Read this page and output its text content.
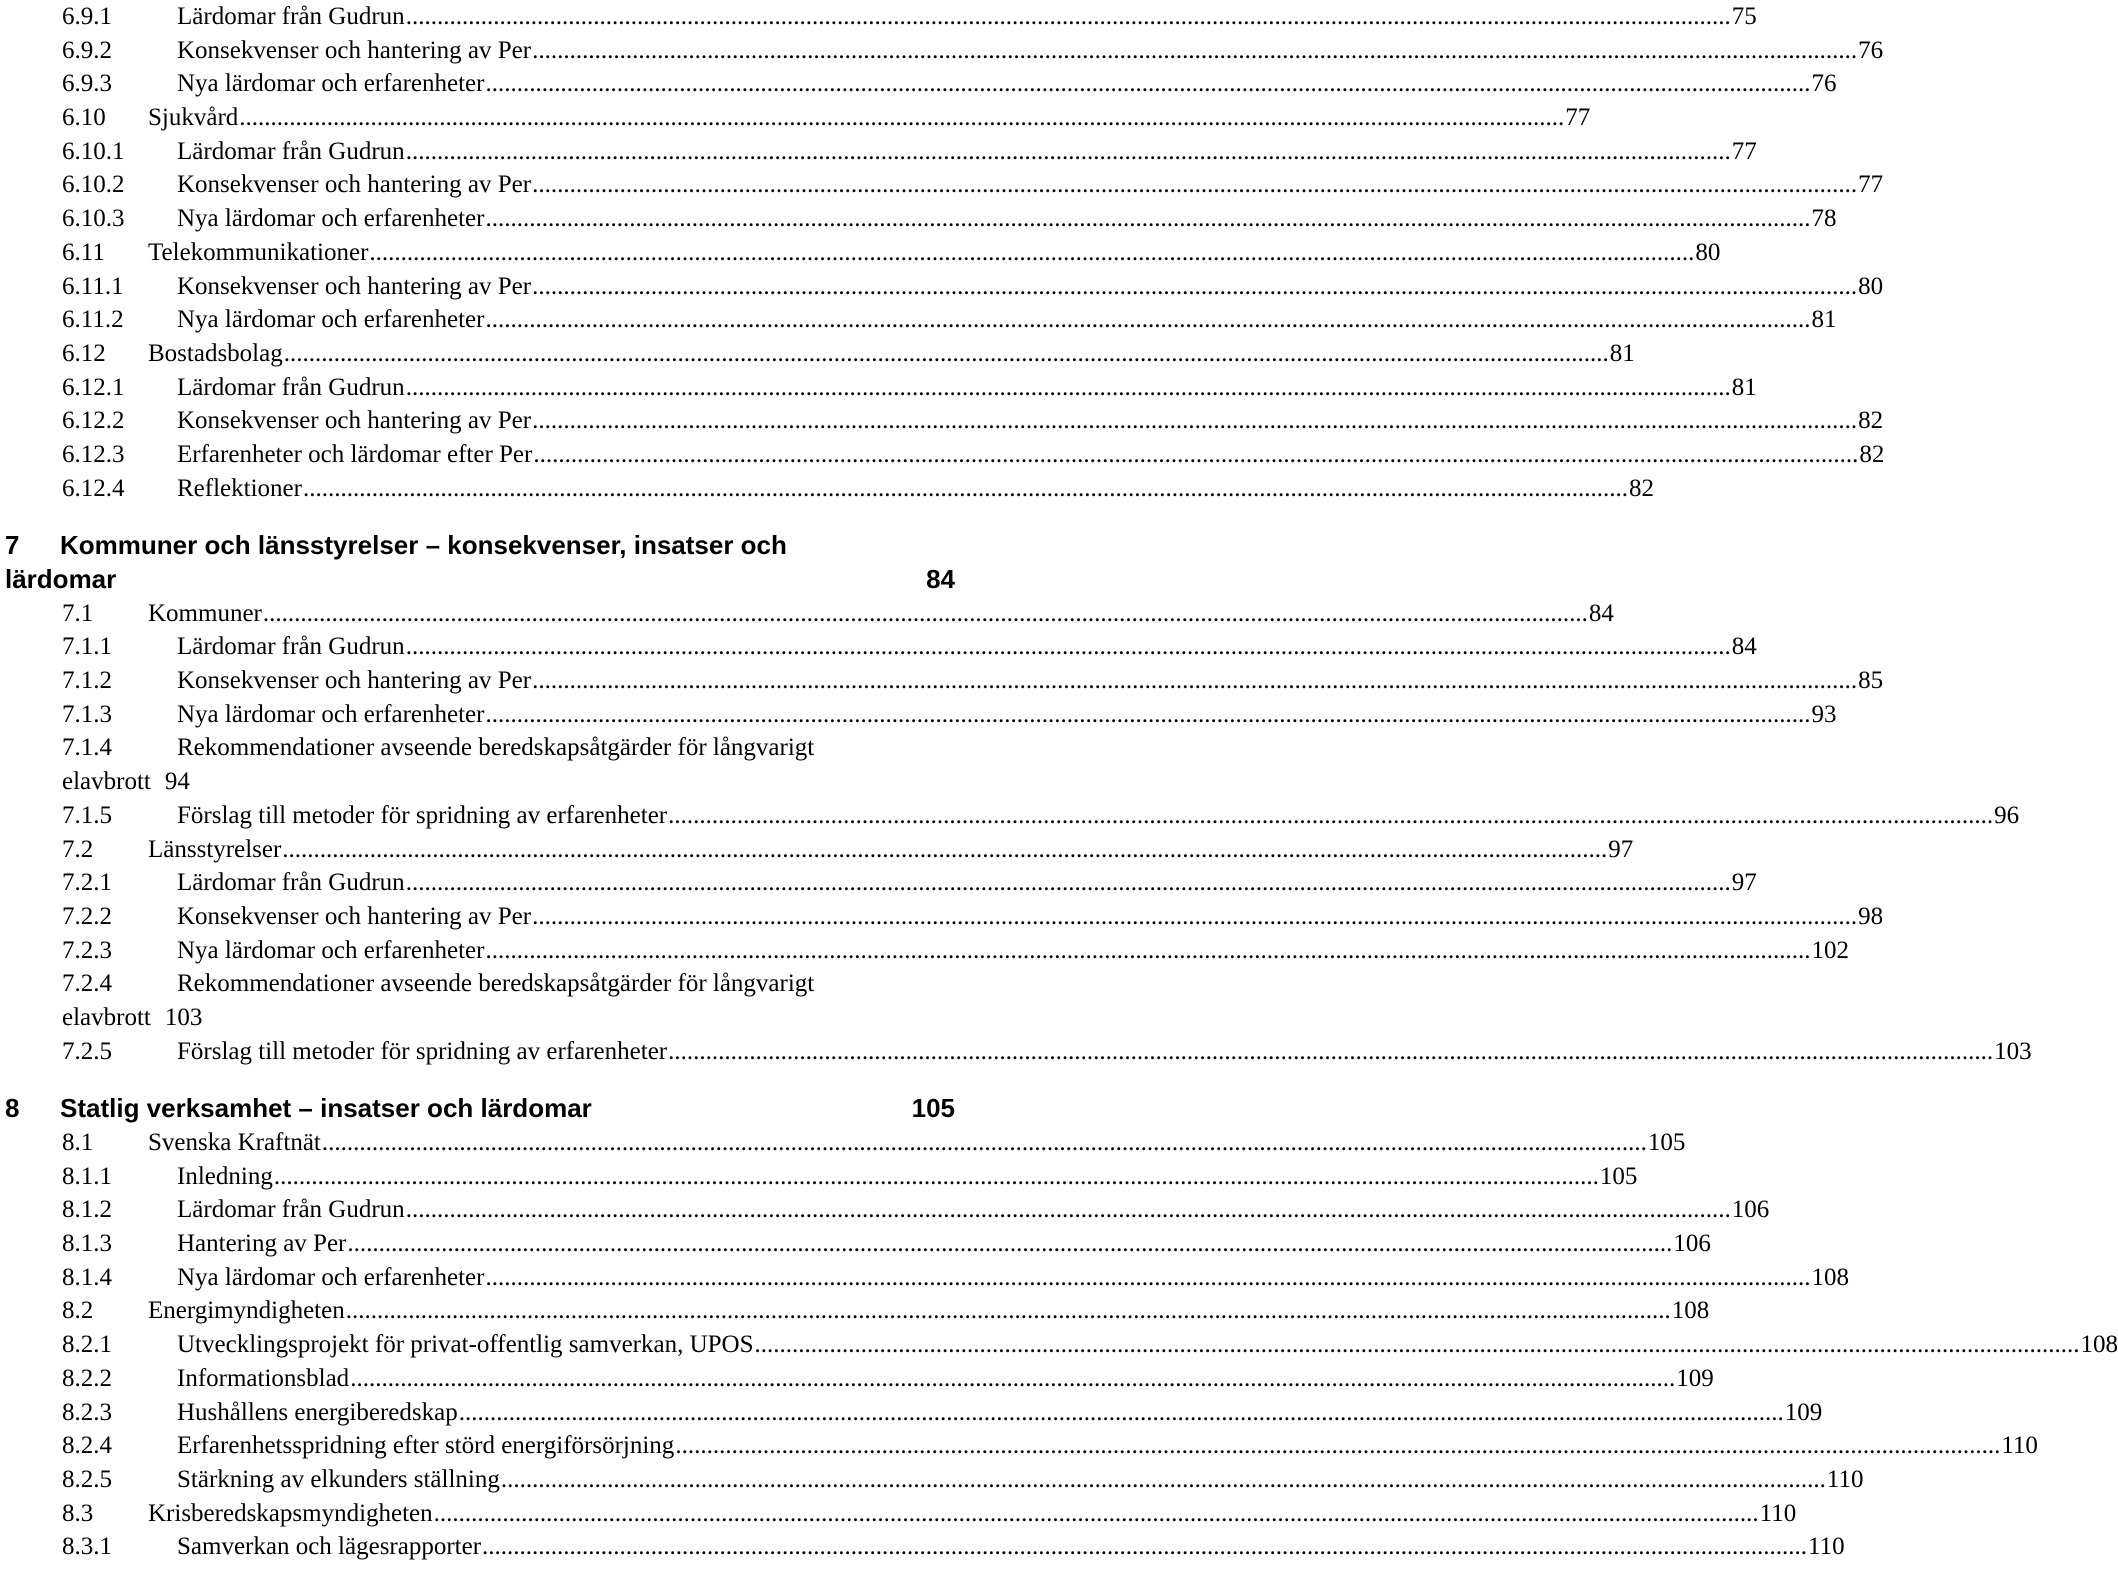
6.9.1	Lärdomar från Gudrun .................................................................................................................................................................................................................... 75
6.9.2	Konsekvenser och hantering av Per .................................................................................................................................................................................................................... 76
6.9.3	Nya lärdomar och erfarenheter .................................................................................................................................................................................................................... 76
6.10 Sjukvård .................................................................................................................................................................................................................... 77
6.10.1 Lärdomar från Gudrun .................................................................................................................................................................................................................... 77
6.10.2 Konsekvenser och hantering av Per .................................................................................................................................................................................................................... 77
6.10.3 Nya lärdomar och erfarenheter .................................................................................................................................................................................................................... 78
6.11 Telekommunikationer .................................................................................................................................................................................................................... 80
6.11.1 Konsekvenser och hantering av Per .................................................................................................................................................................................................................... 80
6.11.2 Nya lärdomar och erfarenheter .................................................................................................................................................................................................................... 81
6.12 Bostadsbolag .................................................................................................................................................................................................................... 81
6.12.1 Lärdomar från Gudrun .................................................................................................................................................................................................................... 81
6.12.2 Konsekvenser och hantering av Per .................................................................................................................................................................................................................... 82
6.12.3 Erfarenheter och lärdomar efter Per .................................................................................................................................................................................................................... 82
6.12.4 Reflektioner .................................................................................................................................................................................................................... 82
7 Kommuner och länsstyrelser – konsekvenser, insatser och
lärdomar	84
7.1 Kommuner .................................................................................................................................................................................................................... 84
7.1.1	Lärdomar från Gudrun .................................................................................................................................................................................................................... 84
7.1.2	Konsekvenser och hantering av Per .................................................................................................................................................................................................................... 85
7.1.3	Nya lärdomar och erfarenheter .................................................................................................................................................................................................................... 93
7.1.4	Rekommendationer avseende beredskapsåtgärder för långvarigt
elavbrott 94
7.1.5	Förslag till metoder för spridning av erfarenheter .................................................................................................................................................................................................................... 96
7.2 Länsstyrelser .................................................................................................................................................................................................................... 97
7.2.1	Lärdomar från Gudrun .................................................................................................................................................................................................................... 97
7.2.2	Konsekvenser och hantering av Per .................................................................................................................................................................................................................... 98
7.2.3	Nya lärdomar och erfarenheter .................................................................................................................................................................................................................... 102
7.2.4	Rekommendationer avseende beredskapsåtgärder för långvarigt
elavbrott 103
7.2.5	Förslag till metoder för spridning av erfarenheter .................................................................................................................................................................................................................... 103
8 Statlig verksamhet – insatser och lärdomar	105
8.1 Svenska Kraftnät .................................................................................................................................................................................................................... 105
8.1.1	Inledning .................................................................................................................................................................................................................... 105
8.1.2	Lärdomar från Gudrun .................................................................................................................................................................................................................... 106
8.1.3	Hantering av Per .................................................................................................................................................................................................................... 106
8.1.4	Nya lärdomar och erfarenheter .................................................................................................................................................................................................................... 108
8.2 Energimyndigheten .................................................................................................................................................................................................................... 108
8.2.1	Utvecklingsprojekt för privat-offentlig samverkan, UPOS .................................................................................................................................................................................................................... 108
8.2.2	Informationsblad .................................................................................................................................................................................................................... 109
8.2.3	Hushållens energiberedskap .................................................................................................................................................................................................................... 109
8.2.4	Erfarenhetsspridning efter störd energiförsörjning .................................................................................................................................................................................................................... 110
8.2.5	Stärkning av elkunders ställning .................................................................................................................................................................................................................... 110
8.3 Krisberedskapsmyndigheten .................................................................................................................................................................................................................... 110
8.3.1	Samverkan och lägesrapporter .................................................................................................................................................................................................................... 110
